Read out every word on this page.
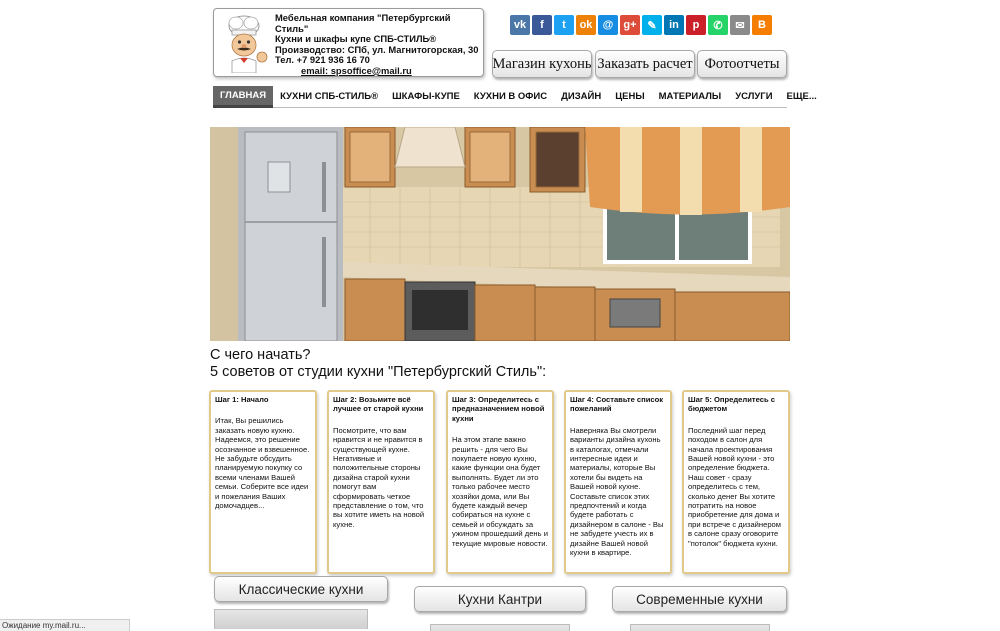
Мебельная компания "Петербургский Стиль"
Кухни и шкафы купе СПБ-СТИЛЬ®
Производство: СПб, ул. Магнитогорская, 30
Тел. +7 921 936 16 70
email: spsoffice@mail.ru
vk	f	t	ok @ g+ ✎	in	p	✆	✉	B
Магазин кухонь Заказать расчет Фотоотчеты
ГЛАВНАЯ	КУХНИ СПБ-СТИЛЬ®	ШКАФЫ-КУПЕ	КУХНИ В ОФИС	ДИЗАЙН	ЦЕНЫ	МАТЕРИАЛЫ	УСЛУГИ	ЕЩЕ...
С чего начать?
5 советов от студии кухни "Петербургский Стиль":
Шаг 1: Начало
Итак, Вы решились заказать новую кухню. Надеемся, это решение осознанное и взвешенное. Не забудьте обсудить планируемую покупку со всеми членами Вашей семьи. Соберите все идеи и пожелания Ваших домочадцев...
Шаг 2: Возьмите всё лучшее от старой кухни
Посмотрите, что вам нравится и не нравится в существующей кухне. Негативные и положительные стороны дизайна старой кухни помогут вам сформировать четкое представление о том, что вы хотите иметь на новой кухне.
Шаг 3: Определитесь с предназначением новой кухни
На этом этапе важно решить - для чего Вы покупаете новую кухню, какие функции она будет выполнять. Будет ли это только рабочее место хозяйки дома, или Вы будете каждый вечер собираться на кухне с семьей и обсуждать за ужином прошедший день и текущие мировые новости.
Шаг 4: Составьте список пожеланий
Наверняка Вы смотрели варианты дизайна кухонь в каталогах, отмечали интересные идеи и материалы, которые Вы хотели бы видеть на Вашей новой кухне. Составьте список этих предпочтений и когда будете работать с дизайнером в салоне - Вы не забудете учесть их в дизайне Вашей новой кухни в квартире.
Шаг 5: Определитесь с бюджетом
Последний шаг перед походом в салон для начала проектирования Вашей новой кухни - это определение бюджета. Наш совет - сразу определитесь с тем, сколько денег Вы хотите потратить на новое приобретение для дома и при встрече с дизайнером в салоне сразу оговорите "потолок" бюджета кухни.
Классические кухни
Кухни Кантри	Современные кухни
Ожидание my.mail.ru...
